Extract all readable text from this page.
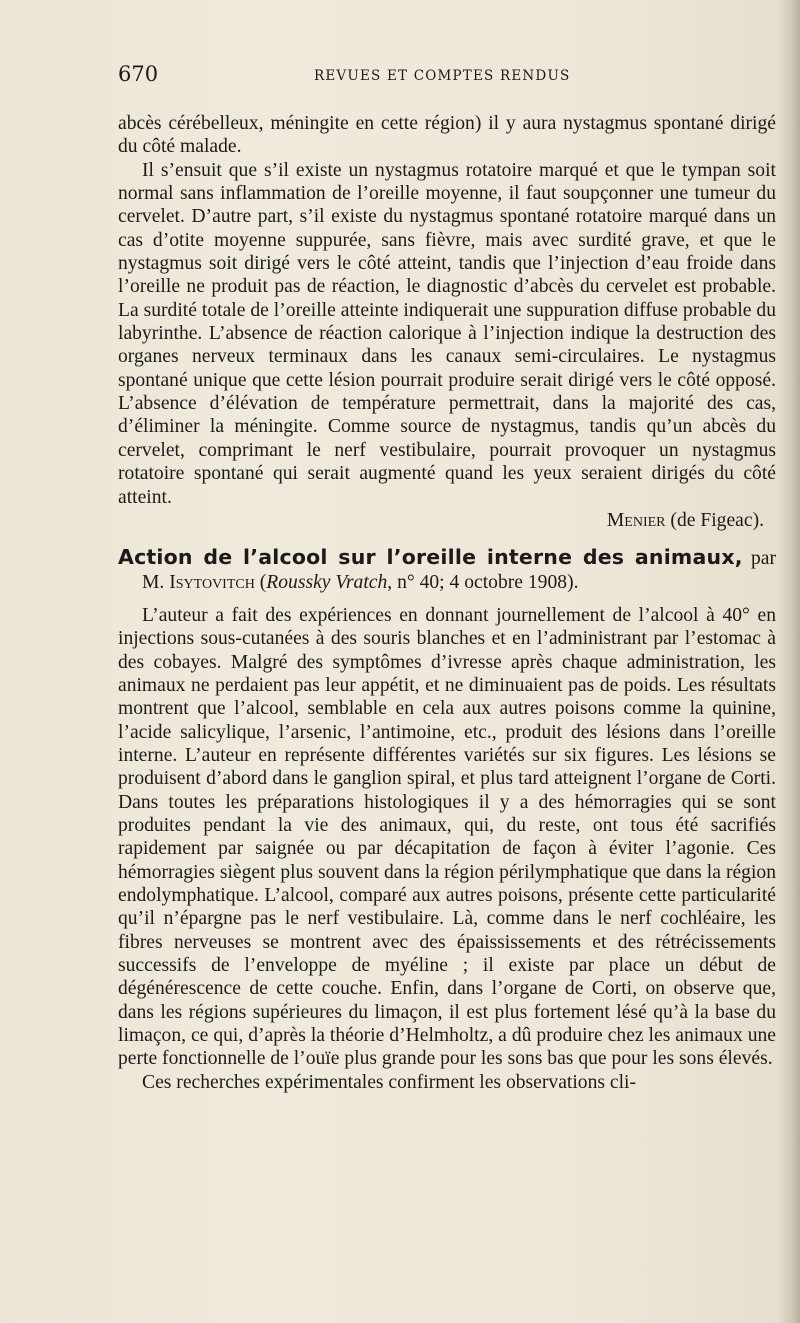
670	REVUES ET COMPTES RENDUS

abcès cérébelleux, méningite en cette région) il y aura nystagmus spontané dirigé du côté malade.

Il s’ensuit que s’il existe un nystagmus rotatoire marqué et que le tympan soit normal sans inflammation de l’oreille moyenne, il faut soupçonner une tumeur du cervelet. D’autre part, s’il existe du nystagmus spontané rotatoire marqué dans un cas d’otite moyenne suppurée, sans fièvre, mais avec surdité grave, et que le nystagmus soit dirigé vers le côté atteint, tandis que l’injection d’eau froide dans l’oreille ne produit pas de réaction, le diagnostic d’abcès du cervelet est probable. La surdité totale de l’oreille atteinte indiquerait une suppuration diffuse probable du labyrinthe. L’absence de réaction calorique à l’injection indique la destruction des organes nerveux terminaux dans les canaux semi-circulaires. Le nystagmus spontané unique que cette lésion pourrait produire serait dirigé vers le côté opposé. L’absence d’élévation de température permettrait, dans la majorité des cas, d’éliminer la méningite. Comme source de nystagmus, tandis qu’un abcès du cervelet, comprimant le nerf vestibulaire, pourrait provoquer un nystagmus rotatoire spontané qui serait augmenté quand les yeux seraient dirigés du côté atteint.

Menier (de Figeac).

Action de l’alcool sur l’oreille interne des animaux, par M. Isytovitch (Roussky Vratch, n° 40; 4 octobre 1908).

L’auteur a fait des expériences en donnant journellement de l’alcool à 40° en injections sous-cutanées à des souris blanches et en l’administrant par l’estomac à des cobayes. Malgré des symptômes d’ivresse après chaque administration, les animaux ne perdaient pas leur appétit, et ne diminuaient pas de poids. Les résultats montrent que l’alcool, semblable en cela aux autres poisons comme la quinine, l’acide salicylique, l’arsenic, l’antimoine, etc., produit des lésions dans l’oreille interne. L’auteur en représente différentes variétés sur six figures. Les lésions se produisent d’abord dans le ganglion spiral, et plus tard atteignent l’organe de Corti. Dans toutes les préparations histologiques il y a des hémorragies qui se sont produites pendant la vie des animaux, qui, du reste, ont tous été sacrifiés rapidement par saignée ou par décapitation de façon à éviter l’agonie. Ces hémorragies siègent plus souvent dans la région périlymphatique que dans la région endolymphatique. L’alcool, comparé aux autres poisons, présente cette particularité qu’il n’épargne pas le nerf vestibulaire. Là, comme dans le nerf cochléaire, les fibres nerveuses se montrent avec des épaississements et des rétrécissements successifs de l’enveloppe de myéline ; il existe par place un début de dégénérescence de cette couche. Enfin, dans l’organe de Corti, on observe que, dans les régions supérieures du limaçon, il est plus fortement lésé qu’à la base du limaçon, ce qui, d’après la théorie d’Helmholtz, a dû produire chez les animaux une perte fonctionnelle de l’ouïe plus grande pour les sons bas que pour les sons élevés.

Ces recherches expérimentales confirment les observations cli-
